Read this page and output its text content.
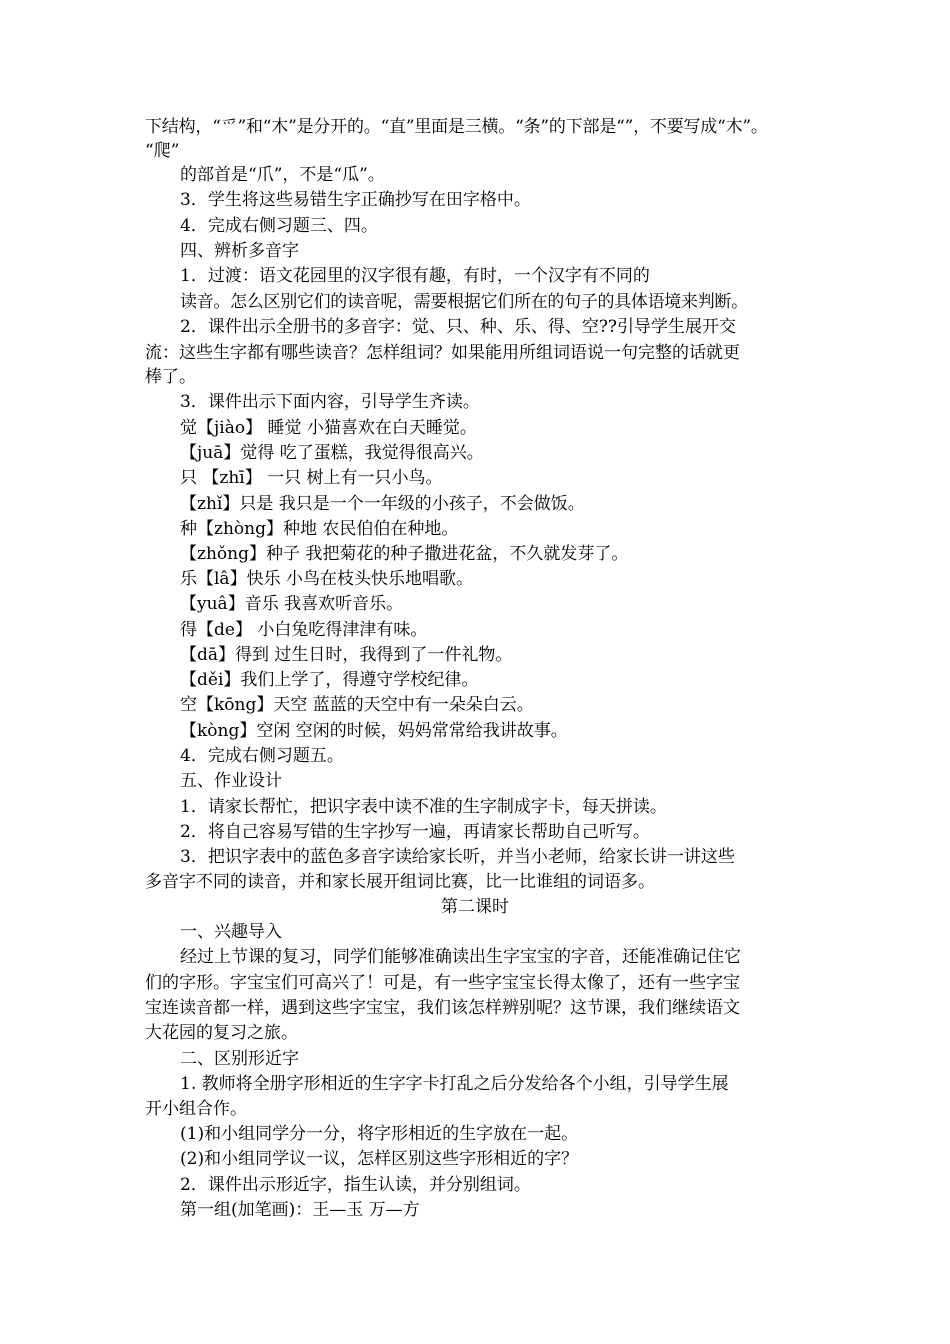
下结构，“爫”和“木”是分开的。“直”里面是三横。“条”的下部是“”，不要写成“木”。
“爬”
的部首是“爪”，不是“瓜”。
3．学生将这些易错生字正确抄写在田字格中。
4．完成右侧习题三、四。
四、辨析多音字
1．过渡：语文花园里的汉字很有趣，有时，一个汉字有不同的
读音。怎么区别它们的读音呢，需要根据它们所在的句子的具体语境来判断。
2．课件出示全册书的多音字：觉、只、种、乐、得、空??引导学生展开交
流：这些生字都有哪些读音？怎样组词？如果能用所组词语说一句完整的话就更
棒了。
3．课件出示下面内容，引导学生齐读。
觉【jiào】 睡觉 小猫喜欢在白天睡觉。
【juā】觉得 吃了蛋糕，我觉得很高兴。
只 【zhī】 一只 树上有一只小鸟。
【zhǐ】只是 我只是一个一年级的小孩子，不会做饭。
种【zhòng】种地 农民伯伯在种地。
【zhǒng】种子 我把菊花的种子撒进花盆，不久就发芽了。
乐【lâ】快乐 小鸟在枝头快乐地唱歌。
【yuâ】音乐 我喜欢听音乐。
得【de】 小白兔吃得津津有味。
【dā】得到 过生日时，我得到了一件礼物。
【děi】我们上学了，得遵守学校纪律。
空【kōng】天空 蓝蓝的天空中有一朵朵白云。
【kòng】空闲 空闲的时候，妈妈常常给我讲故事。
4．完成右侧习题五。
五、作业设计
1．请家长帮忙，把识字表中读不准的生字制成字卡，每天拼读。
2．将自己容易写错的生字抄写一遍，再请家长帮助自己听写。
3．把识字表中的蓝色多音字读给家长听，并当小老师，给家长讲一讲这些
多音字不同的读音，并和家长展开组词比赛，比一比谁组的词语多。
第二课时
一、兴趣导入
经过上节课的复习，同学们能够准确读出生字宝宝的字音，还能准确记住它
们的字形。字宝宝们可高兴了！可是，有一些字宝宝长得太像了，还有一些字宝
宝连读音都一样，遇到这些字宝宝，我们该怎样辨别呢？这节课，我们继续语文
大花园的复习之旅。
二、区别形近字
1. 教师将全册字形相近的生字字卡打乱之后分发给各个小组，引导学生展
开小组合作。
(1)和小组同学分一分，将字形相近的生字放在一起。
(2)和小组同学议一议，怎样区别这些字形相近的字？
2．课件出示形近字，指生认读，并分别组词。
第一组(加笔画)：王—玉 万—方
